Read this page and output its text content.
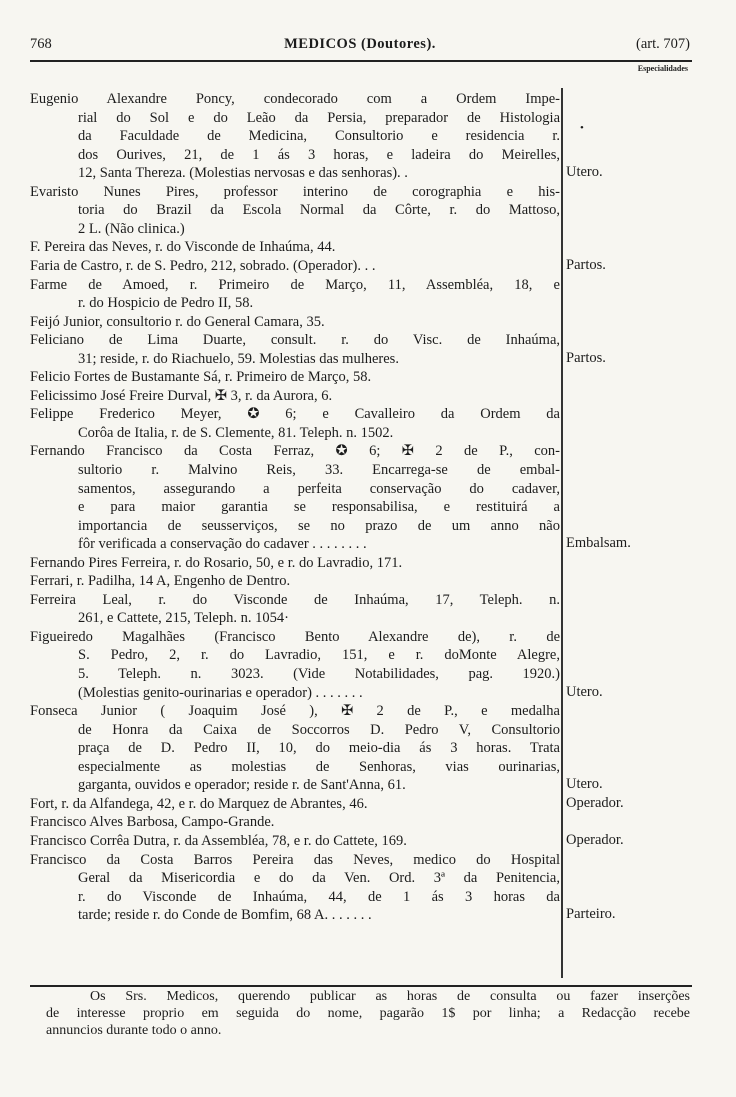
768	MEDICOS (Doutores).	(art. 707)
Especialidades
•
Eugenio Alexandre Poncy, condecorado com a Ordem Impe-
rial do Sol e do Leão da Persia, preparador de Histologia
da Faculdade de Medicina, Consultorio e residencia r.
dos Ourives, 21, de 1 ás 3 horas, e ladeira do Meirelles,
12, Santa Thereza. (Molestias nervosas e das senhoras). .	Utero.
Evaristo Nunes Pires, professor interino de corographia e his-
toria do Brazil da Escola Normal da Côrte, r. do Mattoso,
2 L. (Não clinica.)
F. Pereira das Neves, r. do Visconde de Inhaúma, 44.
Faria de Castro, r. de S. Pedro, 212, sobrado. (Operador). . .	Partos.
Farme de Amoed, r. Primeiro de Março, 11, Assembléa, 18, e
r. do Hospicio de Pedro II, 58.
Feijó Junior, consultorio r. do General Camara, 35.
Feliciano de Lima Duarte, consult. r. do Visc. de Inhaúma,
31; reside, r. do Riachuelo, 59. Molestias das mulheres.	Partos.
Felicio Fortes de Bustamante Sá, r. Primeiro de Março, 58.
Felicissimo José Freire Durval, ✠ 3, r. da Aurora, 6.
Felippe Frederico Meyer, ✪ 6; e Cavalleiro da Ordem da
Corôa de Italia, r. de S. Clemente, 81. Teleph. n. 1502.
Fernando Francisco da Costa Ferraz, ✪ 6; ✠ 2 de P., con-
sultorio r. Malvino Reis, 33. Encarrega-se de embal-
samentos, assegurando a perfeita conservação do cadaver,
e para maior garantia se responsabilisa, e restituirá a
importancia de seusserviços, se no prazo de um anno não
fôr verificada a conservação do cadaver . . . . . . . .	Embalsam.
Fernando Pires Ferreira, r. do Rosario, 50, e r. do Lavradio, 171.
Ferrari, r. Padilha, 14 A, Engenho de Dentro.
Ferreira Leal, r. do Visconde de Inhaúma, 17, Teleph. n.
261, e Cattete, 215, Teleph. n. 1054·
Figueiredo Magalhães (Francisco Bento Alexandre de), r. de
S. Pedro, 2, r. do Lavradio, 151, e r. doMonte Alegre,
5. Teleph. n. 3023. (Vide Notabilidades, pag. 1920.)
(Molestias genito-ourinarias e operador) . . . . . . .	Utero.
Fonseca Junior ( Joaquim José ), ✠ 2 de P., e medalha
de Honra da Caixa de Soccorros D. Pedro V, Consultorio
praça de D. Pedro II, 10, do meio-dia ás 3 horas. Trata
especialmente as molestias de Senhoras, vias ourinarias,
garganta, ouvidos e operador; reside r. de Sant'Anna, 61.	Utero.
Fort, r. da Alfandega, 42, e r. do Marquez de Abrantes, 46.	Operador.
Francisco Alves Barbosa, Campo-Grande.
Francisco Corrêa Dutra, r. da Assembléa, 78, e r. do Cattete, 169.	Operador.
Francisco da Costa Barros Pereira das Neves, medico do Hospital
Geral da Misericordia e do da Ven. Ord. 3ª da Penitencia,
r. do Visconde de Inhaúma, 44, de 1 ás 3 horas da
tarde; reside r. do Conde de Bomfim, 68 A. . . . . . .	Parteiro.
Os Srs. Medicos, querendo publicar as horas de consulta ou fazer inserções
de interesse proprio em seguida do nome, pagarão 1$ por linha; a Redacção recebe
annuncios durante todo o anno.
